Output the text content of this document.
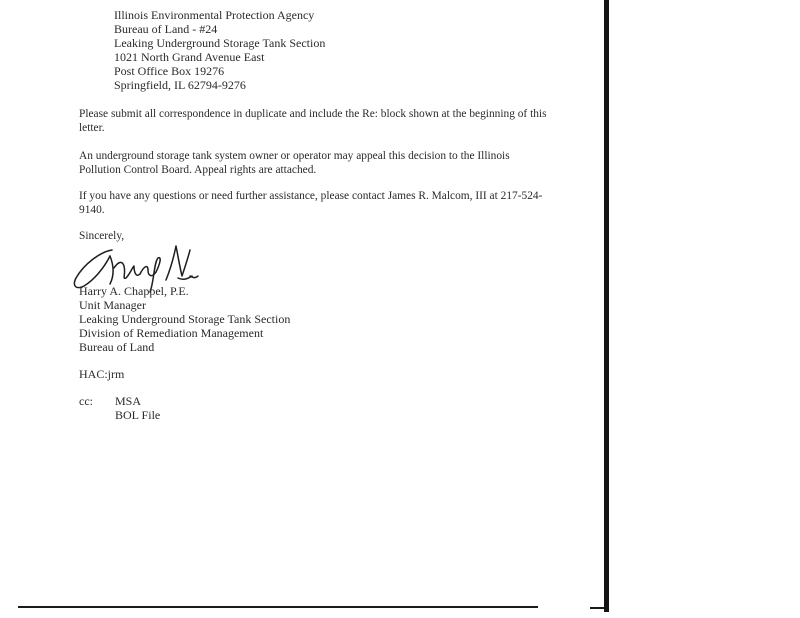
Illinois Environmental Protection Agency
Bureau of Land - #24
Leaking Underground Storage Tank Section
1021 North Grand Avenue East
Post Office Box 19276
Springfield, IL 62794-9276
Please submit all correspondence in duplicate and include the Re: block shown at the beginning of this letter.
An underground storage tank system owner or operator may appeal this decision to the Illinois Pollution Control Board. Appeal rights are attached.
If you have any questions or need further assistance, please contact James R. Malcom, III at 217-524-9140.
Sincerely,
Harry A. Chappel, P.E.
Unit Manager
Leaking Underground Storage Tank Section
Division of Remediation Management
Bureau of Land
HAC:jrm
cc: MSA
BOL File
